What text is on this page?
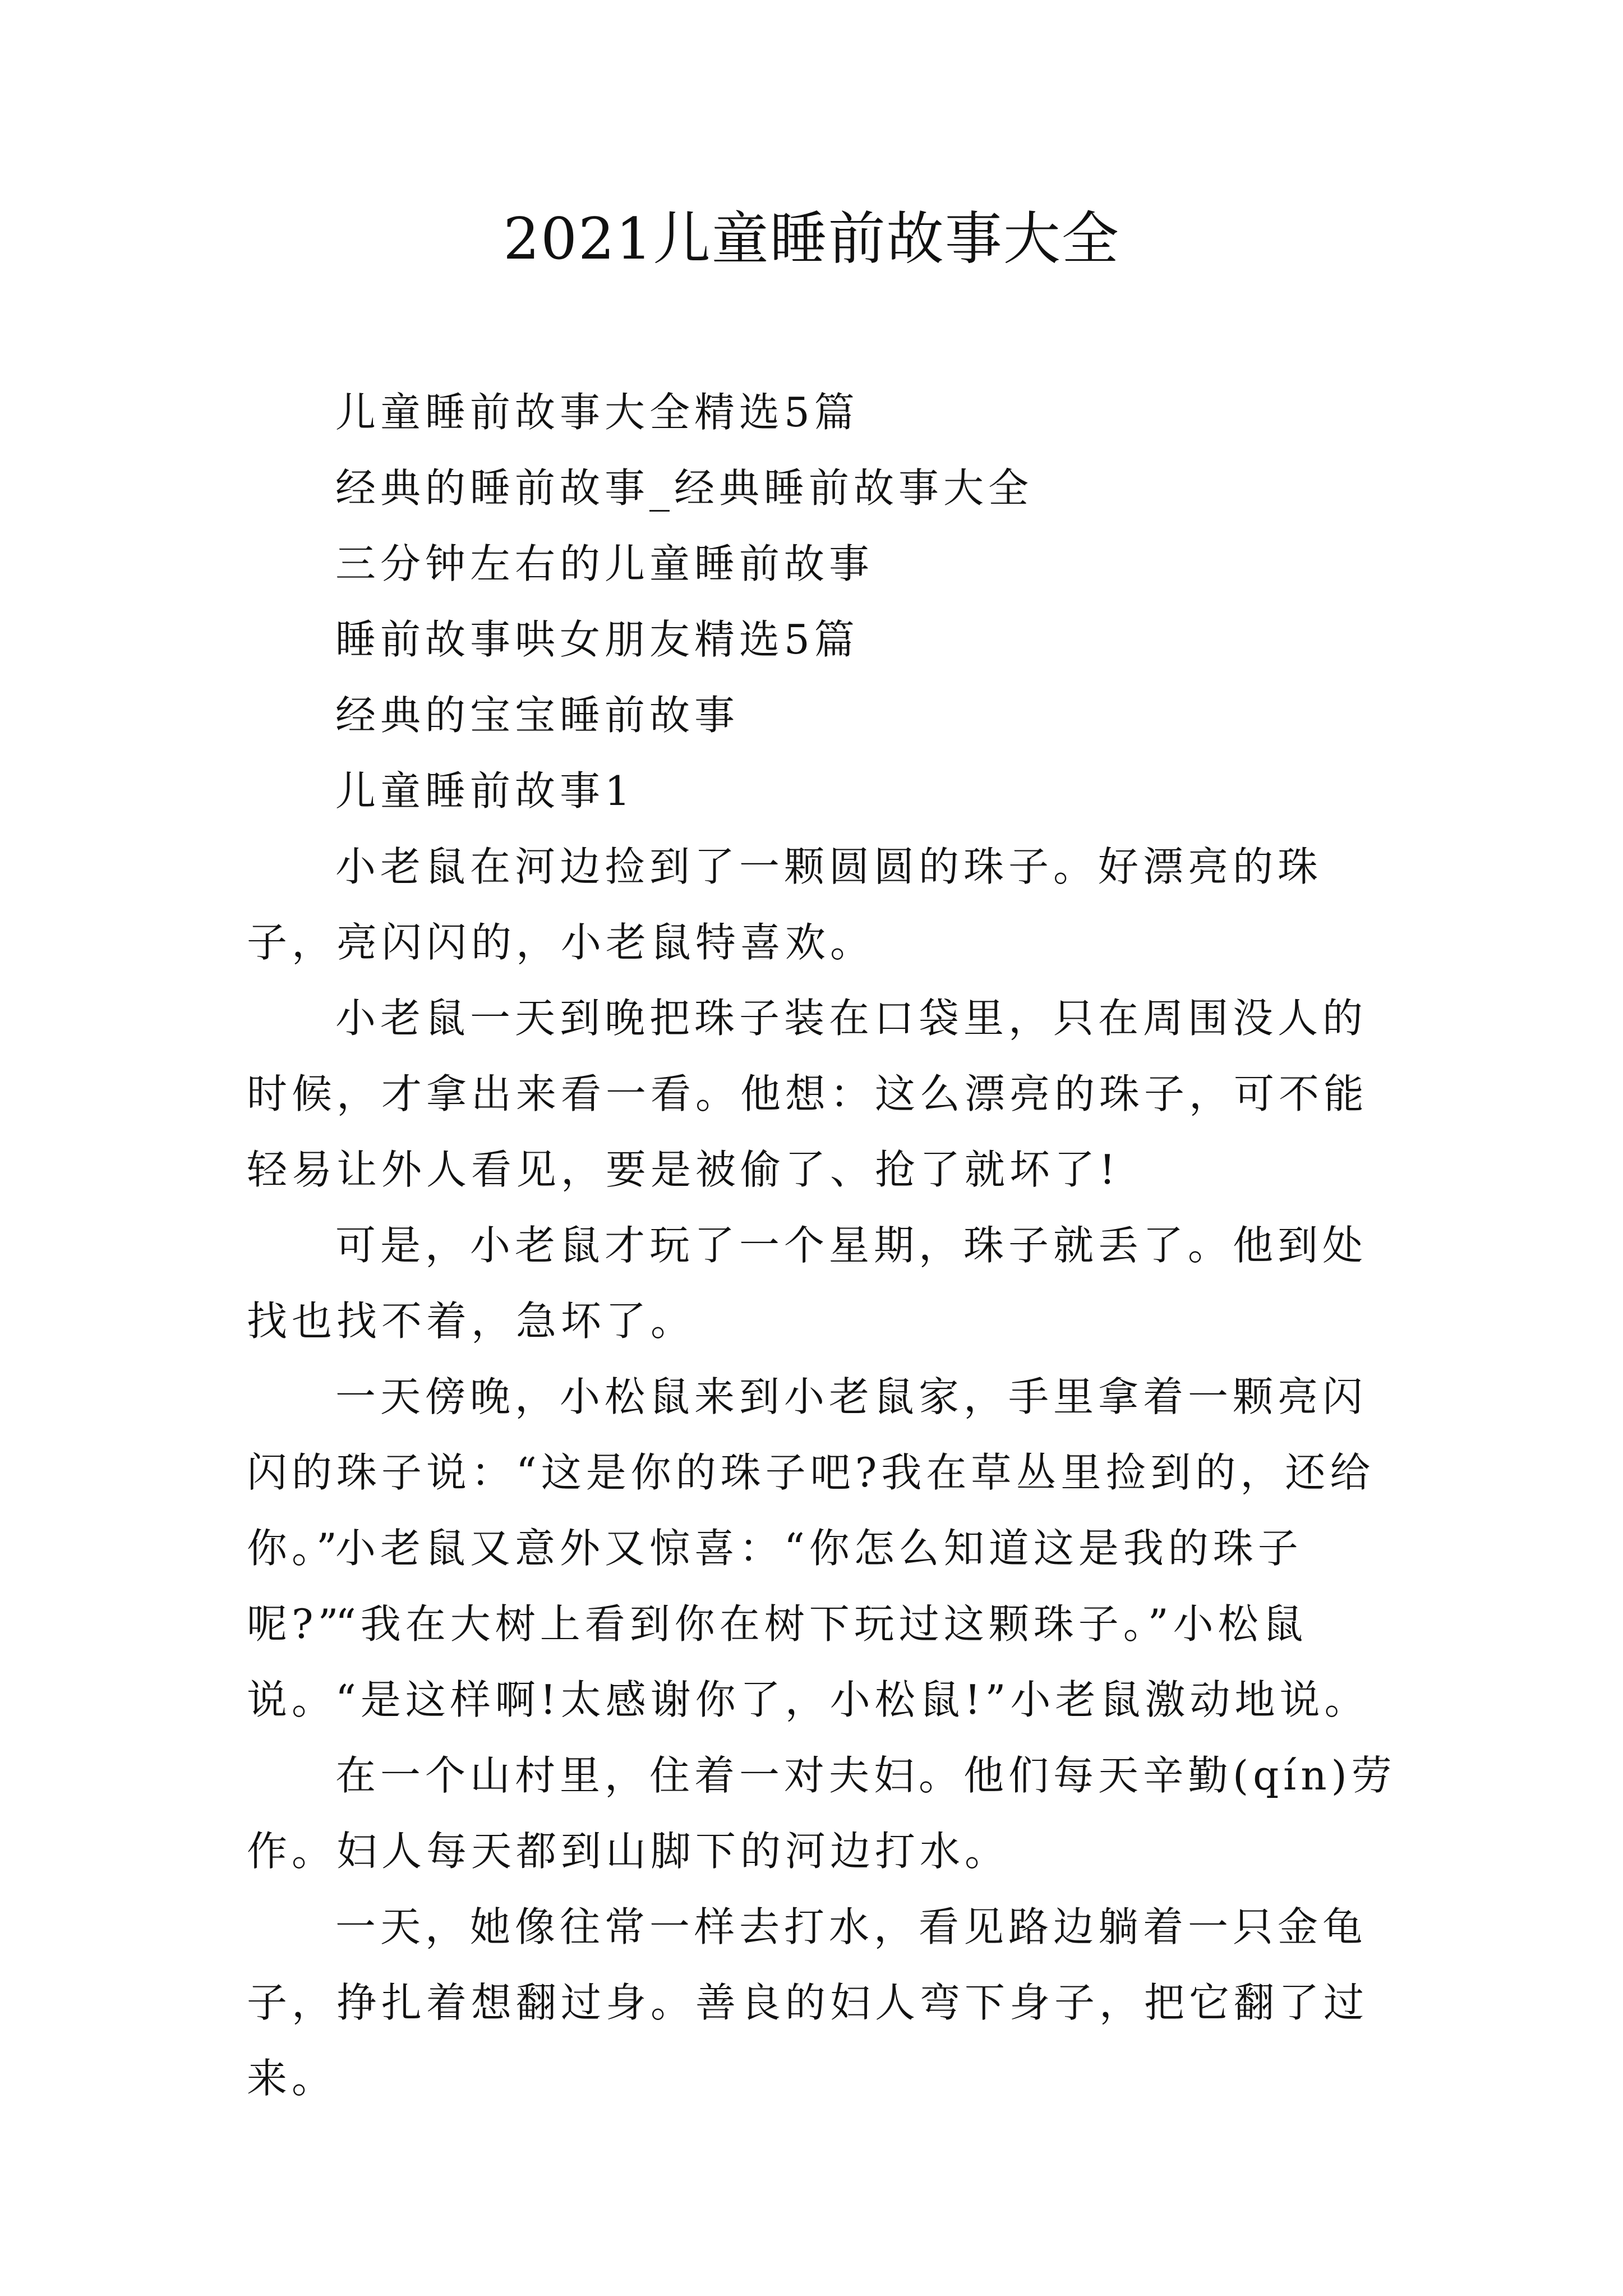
2021儿童睡前故事大全

儿童睡前故事大全精选5篇

经典的睡前故事_经典睡前故事大全

三分钟左右的儿童睡前故事

睡前故事哄女朋友精选5篇

经典的宝宝睡前故事

儿童睡前故事1

小老鼠在河边捡到了一颗圆圆的珠子。好漂亮的珠子，亮闪闪的，小老鼠特喜欢。

小老鼠一天到晚把珠子装在口袋里，只在周围没人的时候，才拿出来看一看。他想：这么漂亮的珠子，可不能轻易让外人看见，要是被偷了、抢了就坏了!

可是，小老鼠才玩了一个星期，珠子就丢了。他到处找也找不着，急坏了。

一天傍晚，小松鼠来到小老鼠家，手里拿着一颗亮闪闪的珠子说：“这是你的珠子吧?我在草丛里捡到的，还给你。”

小老鼠又意外又惊喜：“你怎么知道这是我的珠子呢?”

“我在大树上看到你在树下玩过这颗珠子。”小松鼠说。

“是这样啊!太感谢你了，小松鼠!”小老鼠激动地说。

在一个山村里，住着一对夫妇。他们每天辛勤(qín)劳作。妇人每天都到山脚下的河边打水。

一天，她像往常一样去打水，看见路边躺着一只金龟子，挣扎着想翻过身。善良的妇人弯下身子，把它翻了过来。
